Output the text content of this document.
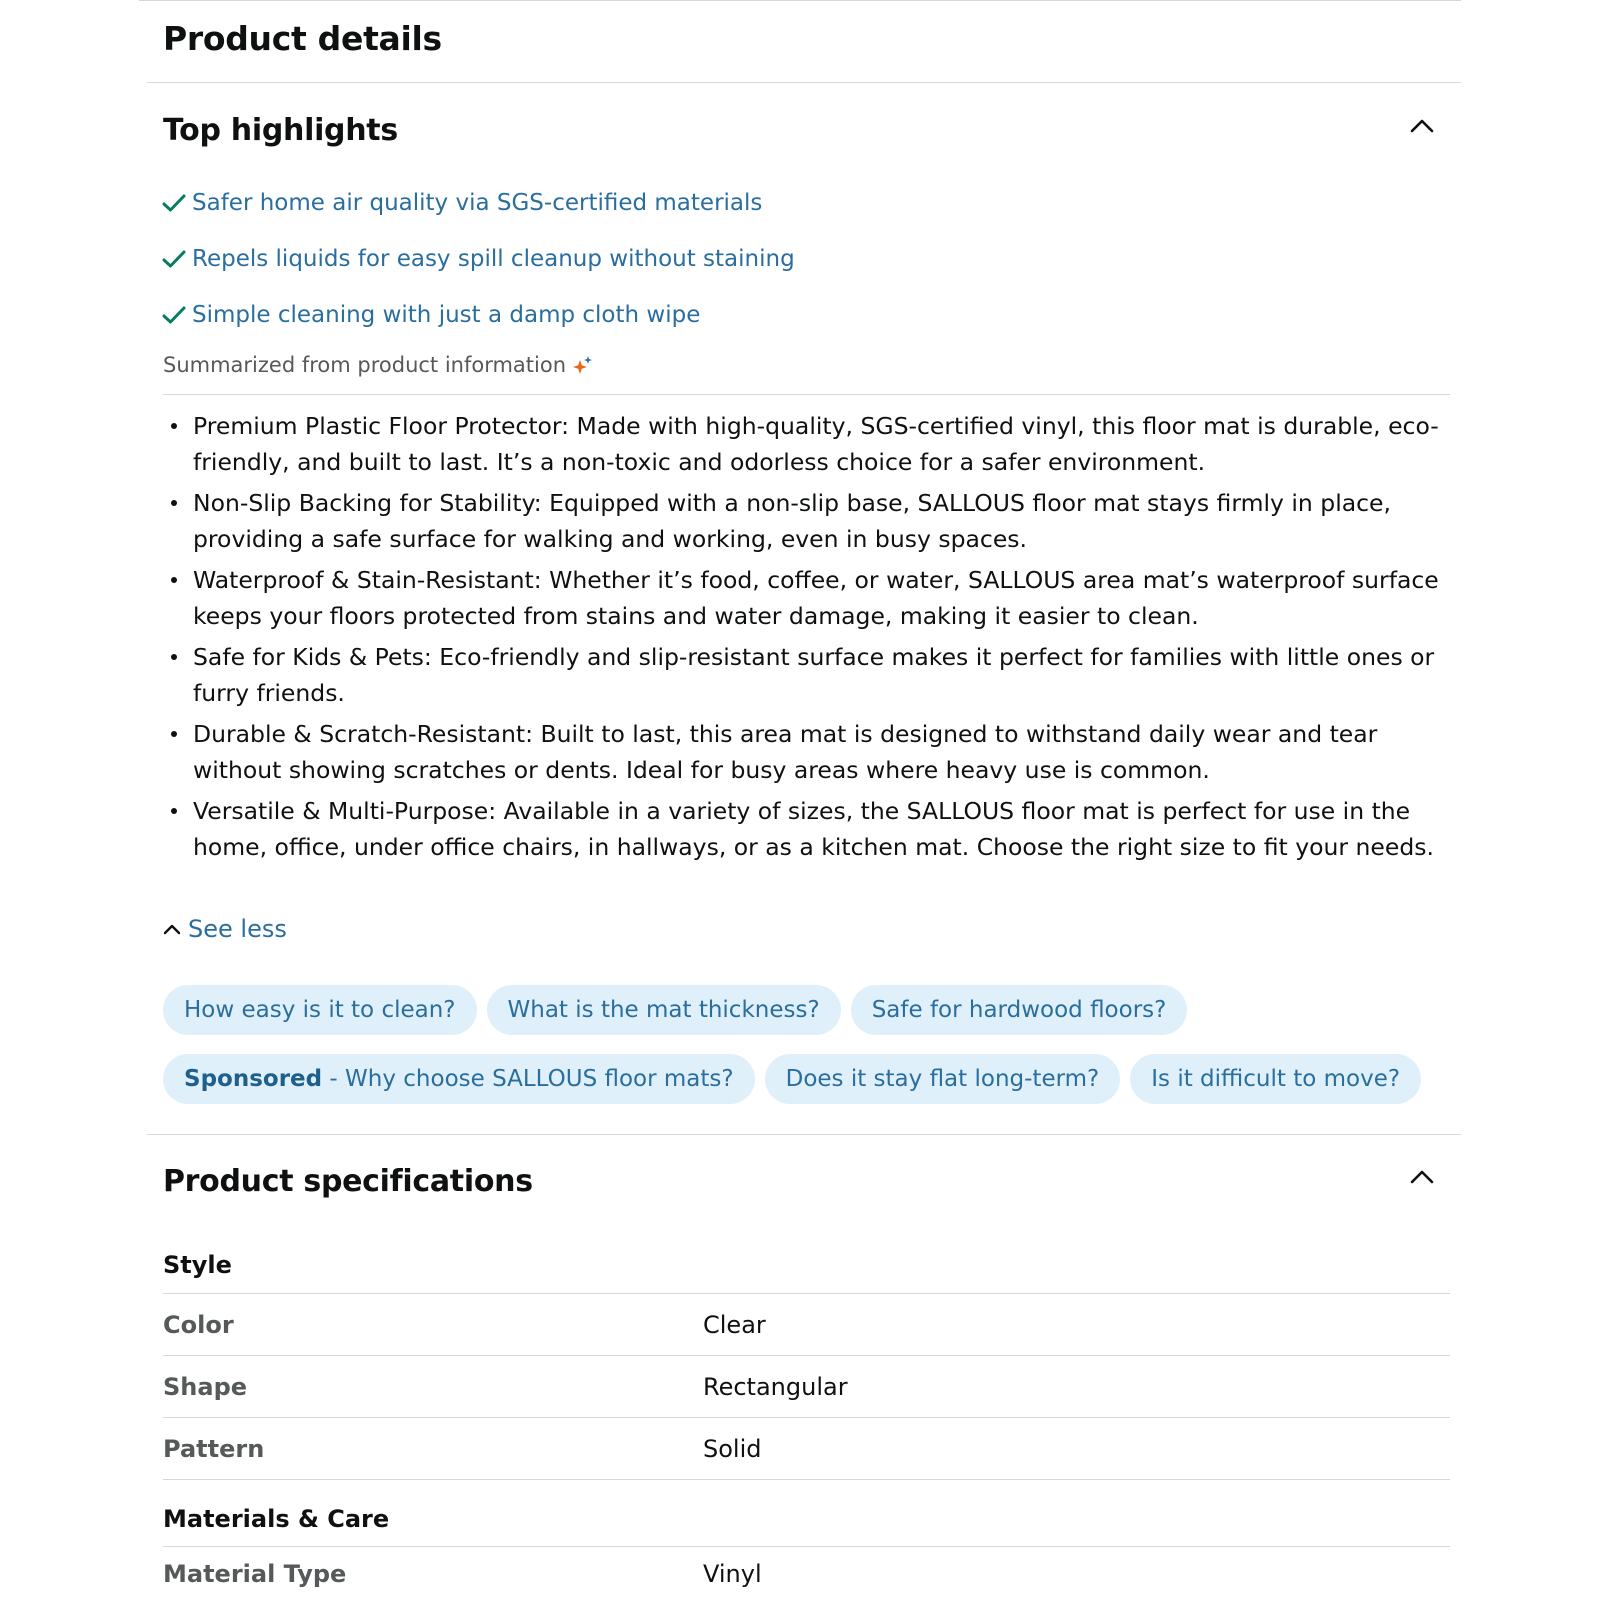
Product details
Top highlights
Safer home air quality via SGS-certified materials
Repels liquids for easy spill cleanup without staining
Simple cleaning with just a damp cloth wipe
Summarized from product information
Premium Plastic Floor Protector: Made with high-quality, SGS-certified vinyl, this floor mat is durable, eco-friendly, and built to last. It’s a non-toxic and odorless choice for a safer environment.
Non-Slip Backing for Stability: Equipped with a non-slip base, SALLOUS floor mat stays firmly in place, providing a safe surface for walking and working, even in busy spaces.
Waterproof & Stain-Resistant: Whether it’s food, coffee, or water, SALLOUS area mat’s waterproof surface keeps your floors protected from stains and water damage, making it easier to clean.
Safe for Kids & Pets: Eco-friendly and slip-resistant surface makes it perfect for families with little ones or furry friends.
Durable & Scratch-Resistant: Built to last, this area mat is designed to withstand daily wear and tear without showing scratches or dents. Ideal for busy areas where heavy use is common.
Versatile & Multi-Purpose: Available in a variety of sizes, the SALLOUS floor mat is perfect for use in the home, office, under office chairs, in hallways, or as a kitchen mat. Choose the right size to fit your needs.
See less
How easy is it to clean?	What is the mat thickness?	Safe for hardwood floors?
Sponsored - Why choose SALLOUS floor mats?	Does it stay flat long-term?	Is it difficult to move?
Product specifications
Style
Color	Clear
Shape	Rectangular
Pattern	Solid
Materials & Care
Material Type	Vinyl
